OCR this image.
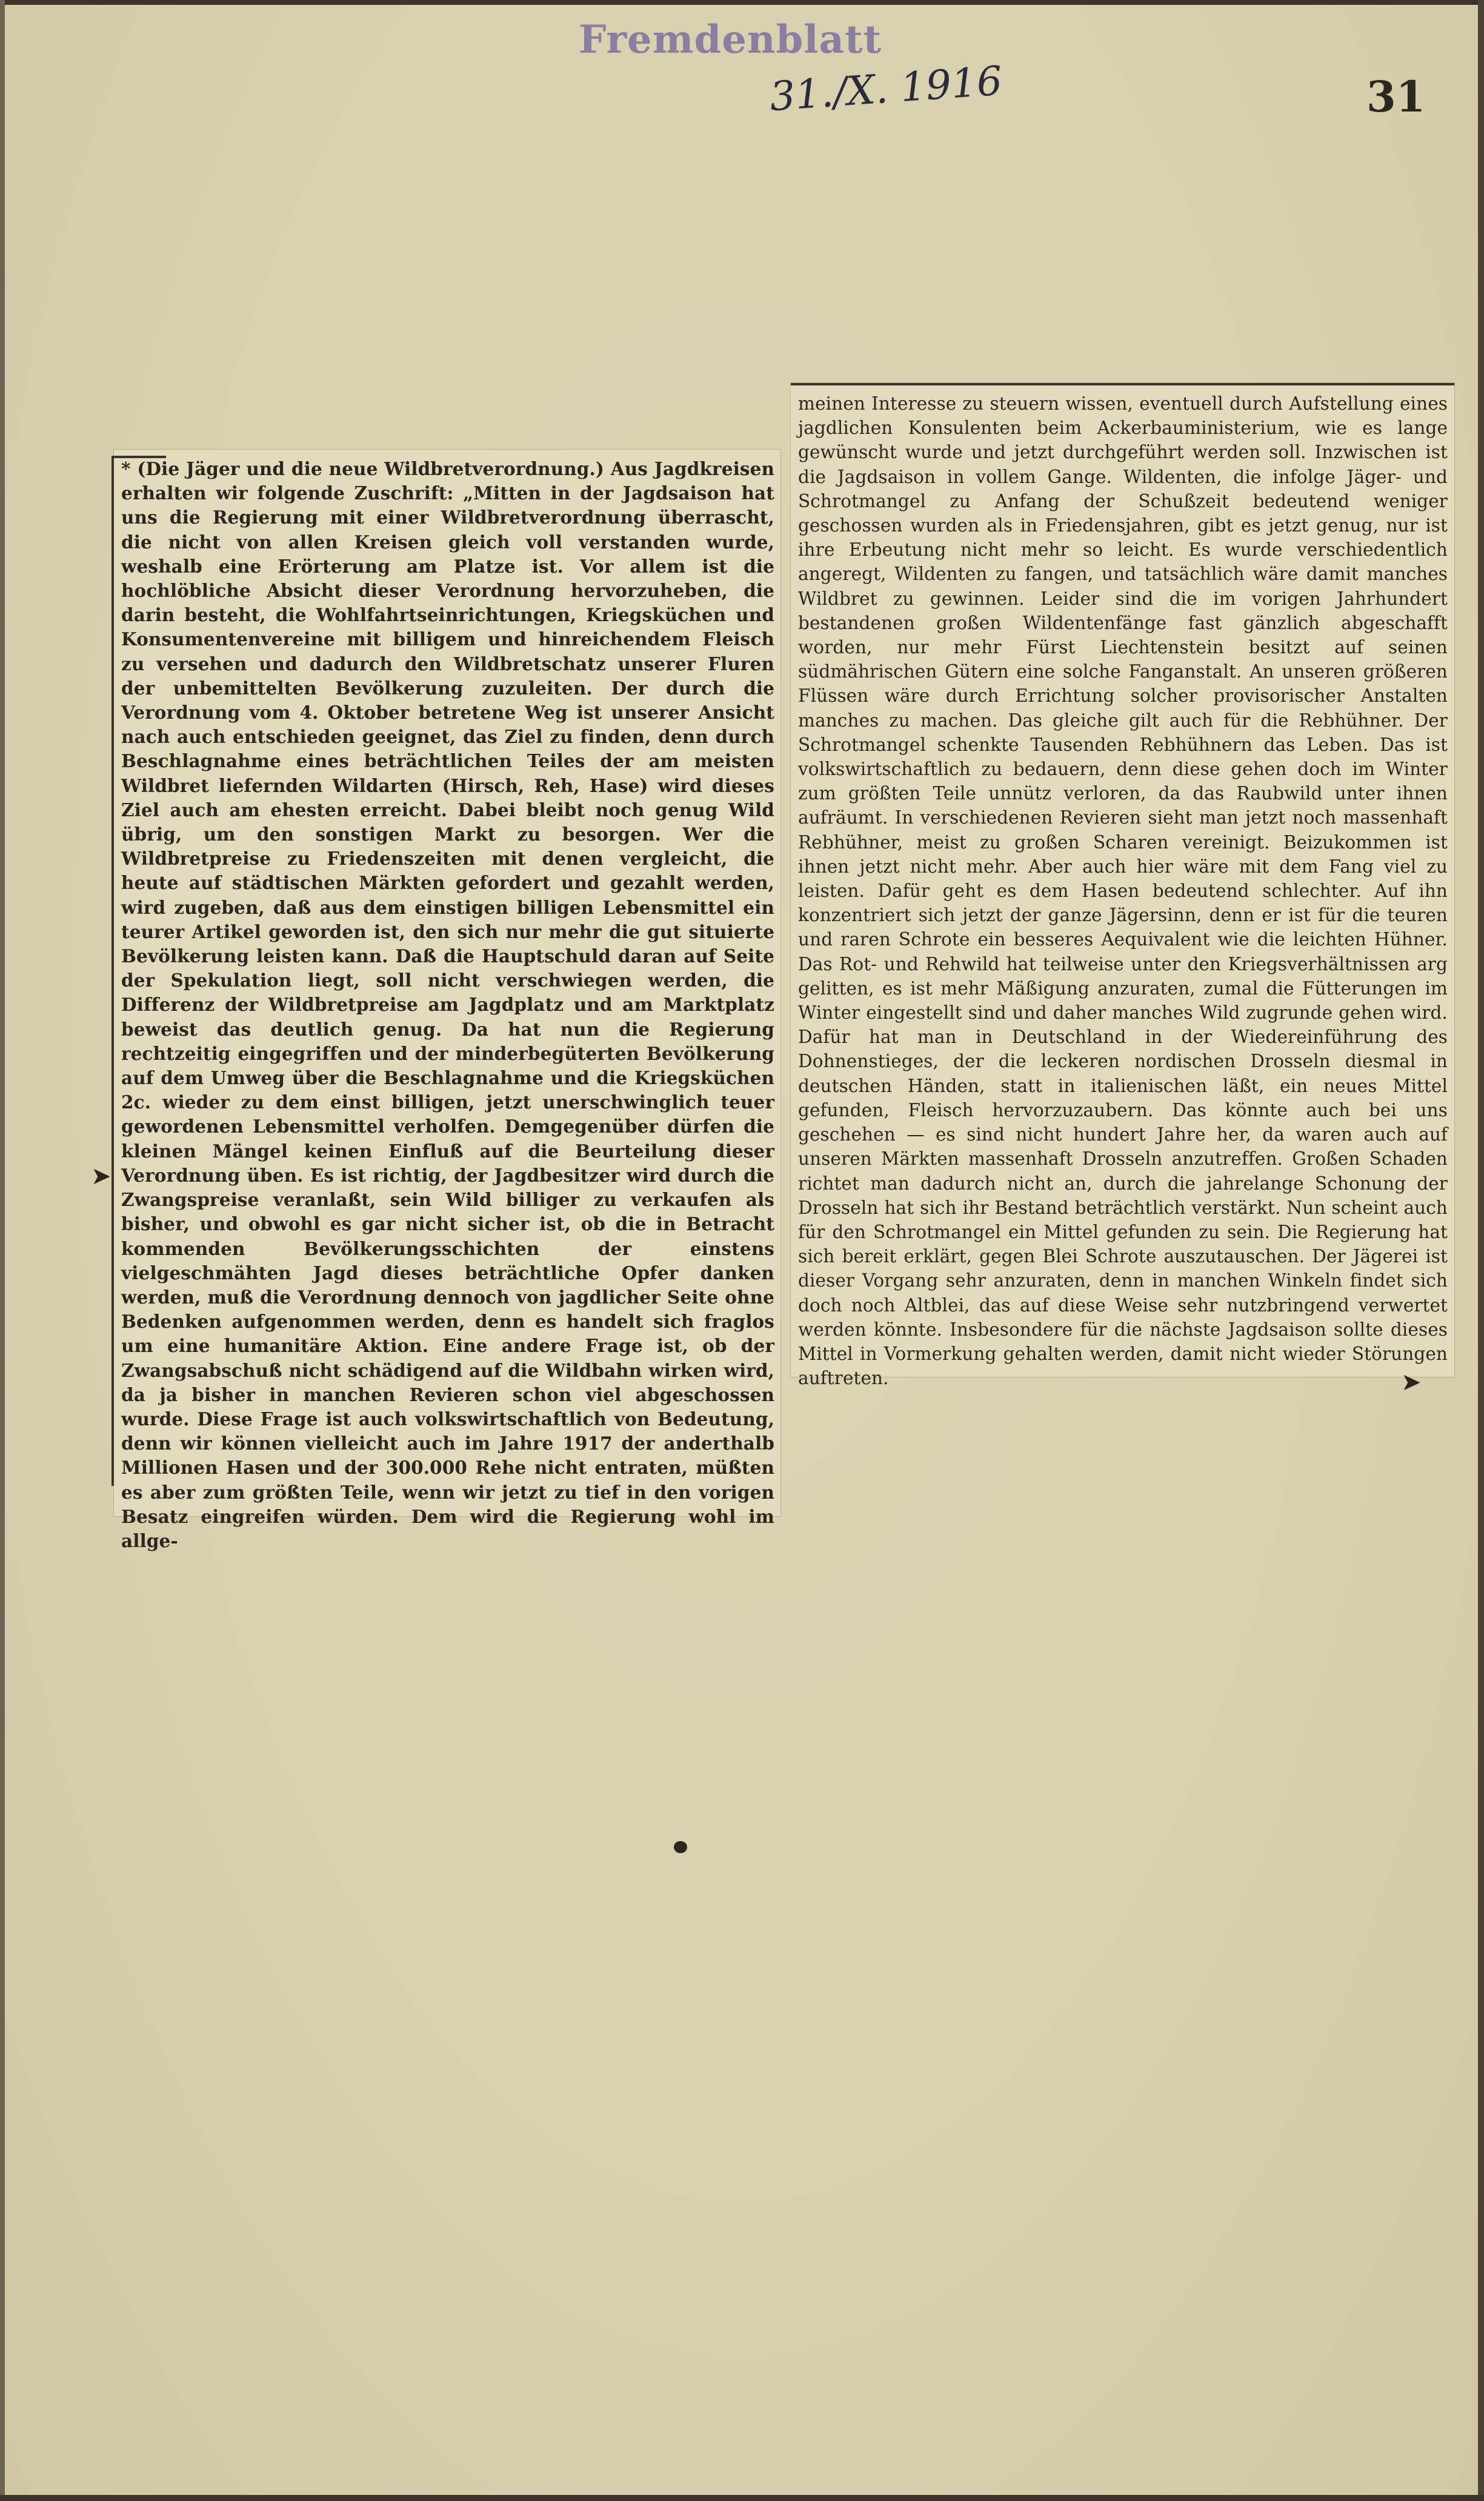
Fremdenblatt
31./X. 1916	31
* (Die Jäger und die neue Wildbretverordnung.) Aus Jagdkreisen erhalten wir folgende Zuschrift: „Mitten in der Jagdsaison hat uns die Regierung mit einer Wildbretverordnung überrascht, die nicht von allen Kreisen gleich voll verstanden wurde, weshalb eine Erörterung am Platze ist. Vor allem ist die hochlöbliche Absicht dieser Verordnung hervorzuheben, die darin besteht, die Wohlfahrtseinrichtungen, Kriegsküchen und Konsumentenvereine mit billigem und hinreichendem Fleisch zu versehen und dadurch den Wildbretschatz unserer Fluren der unbemittelten Bevölkerung zuzuleiten. Der durch die Verordnung vom 4. Oktober betretene Weg ist unserer Ansicht nach auch entschieden geeignet, das Ziel zu finden, denn durch Beschlagnahme eines beträchtlichen Teiles der am meisten Wildbret liefernden Wildarten (Hirsch, Reh, Hase) wird dieses Ziel auch am ehesten erreicht. Dabei bleibt noch genug Wild übrig, um den sonstigen Markt zu besorgen. Wer die Wildbretpreise zu Friedenszeiten mit denen vergleicht, die heute auf städtischen Märkten gefordert und gezahlt werden, wird zugeben, daß aus dem einstigen billigen Lebensmittel ein teurer Artikel geworden ist, den sich nur mehr die gut situierte Bevölkerung leisten kann. Daß die Hauptschuld daran auf Seite der Spekulation liegt, soll nicht verschwiegen werden, die Differenz der Wildbretpreise am Jagdplatz und am Marktplatz beweist das deutlich genug. Da hat nun die Regierung rechtzeitig eingegriffen und der minderbegüterten Bevölkerung auf dem Umweg über die Beschlagnahme und die Kriegsküchen 2c. wieder zu dem einst billigen, jetzt unerschwinglich teuer gewordenen Lebensmittel verholfen. Demgegenüber dürfen die kleinen Mängel keinen Einfluß auf die Beurteilung dieser Verordnung üben. Es ist richtig, der Jagdbesitzer wird durch die Zwangspreise veranlaßt, sein Wild billiger zu verkaufen als bisher, und obwohl es gar nicht sicher ist, ob die in Betracht kommenden Bevölkerungsschichten der einstens vielgeschmähten Jagd dieses beträchtliche Opfer danken werden, muß die Verordnung dennoch von jagdlicher Seite ohne Bedenken aufgenommen werden, denn es handelt sich fraglos um eine humanitäre Aktion. Eine andere Frage ist, ob der Zwangsabschuß nicht schädigend auf die Wildbahn wirken wird, da ja bisher in manchen Revieren schon viel abgeschossen wurde. Diese Frage ist auch volkswirtschaftlich von Bedeutung, denn wir können vielleicht auch im Jahre 1917 der anderthalb Millionen Hasen und der 300.000 Rehe nicht entraten, müßten es aber zum größten Teile, wenn wir jetzt zu tief in den vorigen Besatz eingreifen würden. Dem wird die Regierung wohl im allge-
meinen Interesse zu steuern wissen, eventuell durch Aufstellung eines jagdlichen Konsulenten beim Ackerbauministerium, wie es lange gewünscht wurde und jetzt durchgeführt werden soll. Inzwischen ist die Jagdsaison in vollem Gange. Wildenten, die infolge Jäger- und Schrotmangel zu Anfang der Schußzeit bedeutend weniger geschossen wurden als in Friedensjahren, gibt es jetzt genug, nur ist ihre Erbeutung nicht mehr so leicht. Es wurde verschiedentlich angeregt, Wildenten zu fangen, und tatsächlich wäre damit manches Wildbret zu gewinnen. Leider sind die im vorigen Jahrhundert bestandenen großen Wildentenfänge fast gänzlich abgeschafft worden, nur mehr Fürst Liechtenstein besitzt auf seinen südmährischen Gütern eine solche Fanganstalt. An unseren größeren Flüssen wäre durch Errichtung solcher provisorischer Anstalten manches zu machen. Das gleiche gilt auch für die Rebhühner. Der Schrotmangel schenkte Tausenden Rebhühnern das Leben. Das ist volkswirtschaftlich zu bedauern, denn diese gehen doch im Winter zum größten Teile unnütz verloren, da das Raubwild unter ihnen aufräumt. In verschiedenen Revieren sieht man jetzt noch massenhaft Rebhühner, meist zu großen Scharen vereinigt. Beizukommen ist ihnen jetzt nicht mehr. Aber auch hier wäre mit dem Fang viel zu leisten. Dafür geht es dem Hasen bedeutend schlechter. Auf ihn konzentriert sich jetzt der ganze Jägersinn, denn er ist für die teuren und raren Schrote ein besseres Aequivalent wie die leichten Hühner. Das Rot- und Rehwild hat teilweise unter den Kriegsverhältnissen arg gelitten, es ist mehr Mäßigung anzuraten, zumal die Fütterungen im Winter eingestellt sind und daher manches Wild zugrunde gehen wird. Dafür hat man in Deutschland in der Wiedereinführung des Dohnenstieges, der die leckeren nordischen Drosseln diesmal in deutschen Händen, statt in italienischen läßt, ein neues Mittel gefunden, Fleisch hervorzuzaubern. Das könnte auch bei uns geschehen — es sind nicht hundert Jahre her, da waren auch auf unseren Märkten massenhaft Drosseln anzutreffen. Großen Schaden richtet man dadurch nicht an, durch die jahrelange Schonung der Drosseln hat sich ihr Bestand beträchtlich verstärkt. Nun scheint auch für den Schrotmangel ein Mittel gefunden zu sein. Die Regierung hat sich bereit erklärt, gegen Blei Schrote auszutauschen. Der Jägerei ist dieser Vorgang sehr anzuraten, denn in manchen Winkeln findet sich doch noch Altblei, das auf diese Weise sehr nutzbringend verwertet werden könnte. Insbesondere für die nächste Jagdsaison sollte dieses Mittel in Vormerkung gehalten werden, damit nicht wieder Störungen auftreten.
➤
➤
